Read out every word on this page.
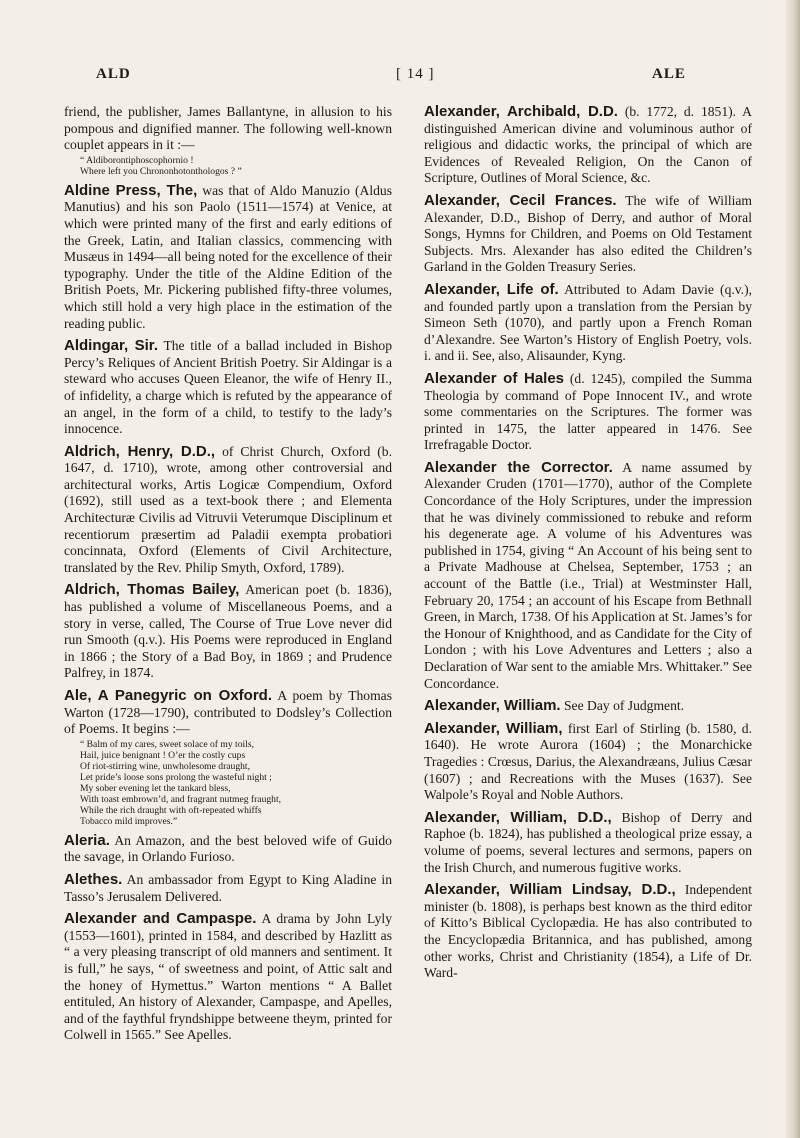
ALD	[ 14 ]	ALE

friend, the publisher, James Ballantyne, in allusion to his pompous and dignified manner. The following well-known couplet appears in it :—

“ Aldiborontiphoscophornio !
Where left you Chrononhotonthologos ? ”

Aldine Press, The, was that of Aldo Manuzio (Aldus Manutius) and his son Paolo (1511—1574) at Venice, at which were printed many of the first and early editions of the Greek, Latin, and Italian classics, commencing with Musæus in 1494—all being noted for the excellence of their typography. Under the title of the Aldine Edition of the British Poets, Mr. Pickering published fifty-three volumes, which still hold a very high place in the estimation of the reading public.

Aldingar, Sir. The title of a ballad included in Bishop Percy’s Reliques of Ancient British Poetry. Sir Aldingar is a steward who accuses Queen Eleanor, the wife of Henry II., of infidelity, a charge which is refuted by the appearance of an angel, in the form of a child, to testify to the lady’s innocence.

Aldrich, Henry, D.D., of Christ Church, Oxford (b. 1647, d. 1710), wrote, among other controversial and architectural works, Artis Logicæ Compendium, Oxford (1692), still used as a text-book there ; and Elementa Architecturæ Civilis ad Vitruvii Veterumque Disciplinum et recentiorum præsertim ad Paladii exempta probatiori concinnata, Oxford (Elements of Civil Architecture, translated by the Rev. Philip Smyth, Oxford, 1789).

Aldrich, Thomas Bailey, American poet (b. 1836), has published a volume of Miscellaneous Poems, and a story in verse, called, The Course of True Love never did run Smooth (q.v.). His Poems were reproduced in England in 1866 ; the Story of a Bad Boy, in 1869 ; and Prudence Palfrey, in 1874.

Ale, A Panegyric on Oxford. A poem by Thomas Warton (1728—1790), contributed to Dodsley’s Collection of Poems. It begins :—

“ Balm of my cares, sweet solace of my toils,
Hail, juice benignant ! O’er the costly cups
Of riot-stirring wine, unwholesome draught,
Let pride’s loose sons prolong the wasteful night ;
My sober evening let the tankard bless,
With toast embrown’d, and fragrant nutmeg fraught,
While the rich draught with oft-repeated whiffs
Tobacco mild improves.”

Aleria. An Amazon, and the best beloved wife of Guido the savage, in Orlando Furioso.

Alethes. An ambassador from Egypt to King Aladine in Tasso’s Jerusalem Delivered.

Alexander and Campaspe. A drama by John Lyly (1553—1601), printed in 1584, and described by Hazlitt as “ a very pleasing transcript of old manners and sentiment. It is full,” he says, “ of sweetness and point, of Attic salt and the honey of Hymettus.” Warton mentions “ A Ballet entituled, An history of Alexander, Campaspe, and Apelles, and of the faythful fryndshippe betweene theym, printed for Colwell in 1565.” See Apelles.

Alexander, Archibald, D.D. (b. 1772, d. 1851). A distinguished American divine and voluminous author of religious and didactic works, the principal of which are Evidences of Revealed Religion, On the Canon of Scripture, Outlines of Moral Science, &c.

Alexander, Cecil Frances. The wife of William Alexander, D.D., Bishop of Derry, and author of Moral Songs, Hymns for Children, and Poems on Old Testament Subjects. Mrs. Alexander has also edited the Children’s Garland in the Golden Treasury Series.

Alexander, Life of. Attributed to Adam Davie (q.v.), and founded partly upon a translation from the Persian by Simeon Seth (1070), and partly upon a French Roman d’Alexandre. See Warton’s History of English Poetry, vols. i. and ii. See, also, Alisaunder, Kyng.

Alexander of Hales (d. 1245), compiled the Summa Theologia by command of Pope Innocent IV., and wrote some commentaries on the Scriptures. The former was printed in 1475, the latter appeared in 1476. See Irrefragable Doctor.

Alexander the Corrector. A name assumed by Alexander Cruden (1701—1770), author of the Complete Concordance of the Holy Scriptures, under the impression that he was divinely commissioned to rebuke and reform his degenerate age. A volume of his Adventures was published in 1754, giving “ An Account of his being sent to a Private Madhouse at Chelsea, September, 1753 ; an account of the Battle (i.e., Trial) at Westminster Hall, February 20, 1754 ; an account of his Escape from Bethnall Green, in March, 1738. Of his Application at St. James’s for the Honour of Knighthood, and as Candidate for the City of London ; with his Love Adventures and Letters ; also a Declaration of War sent to the amiable Mrs. Whittaker.” See Concordance.

Alexander, William. See Day of Judgment.

Alexander, William, first Earl of Stirling (b. 1580, d. 1640). He wrote Aurora (1604) ; the Monarchicke Tragedies : Crœsus, Darius, the Alexandræans, Julius Cæsar (1607) ; and Recreations with the Muses (1637). See Walpole’s Royal and Noble Authors.

Alexander, William, D.D., Bishop of Derry and Raphoe (b. 1824), has published a theological prize essay, a volume of poems, several lectures and sermons, papers on the Irish Church, and numerous fugitive works.

Alexander, William Lindsay, D.D., Independent minister (b. 1808), is perhaps best known as the third editor of Kitto’s Biblical Cyclopædia. He has also contributed to the Encyclopædia Britannica, and has published, among other works, Christ and Christianity (1854), a Life of Dr. Ward-
